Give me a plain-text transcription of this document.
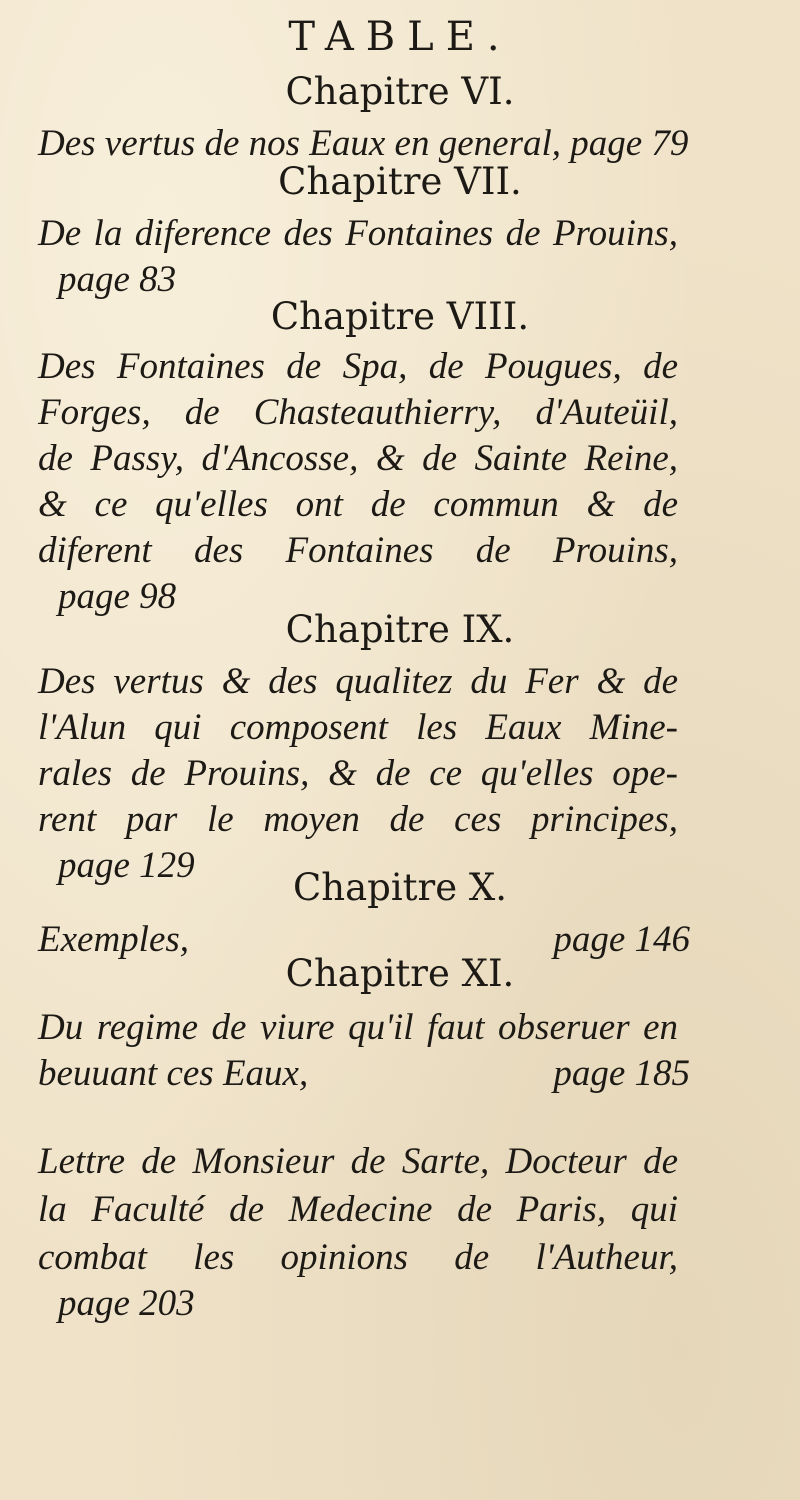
TABLE.
Chapitre VI.
Des vertus de nos Eaux en general, page 79
Chapitre VII.
De la diference des Fontaines de Prouins,
page 83
Chapitre VIII.
Des Fontaines de Spa, de Pougues, de
Forges, de Chasteauthierry, d'Auteüil,
de Passy, d'Ancosse, & de Sainte Reine,
& ce qu'elles ont de commun & de
diferent des Fontaines de Prouins,
page 98
Chapitre IX.
Des vertus & des qualitez du Fer & de
l'Alun qui composent les Eaux Mine-
rales de Prouins, & de ce qu'elles ope-
rent par le moyen de ces principes,
page 129
Chapitre X.
Exemples,	page 146
Chapitre XI.
Du regime de viure qu'il faut obseruer en
beuuant ces Eaux,	page 185
Lettre de Monsieur de Sarte, Docteur de
la Faculté de Medecine de Paris, qui
combat les opinions de l'Autheur,
page 203
